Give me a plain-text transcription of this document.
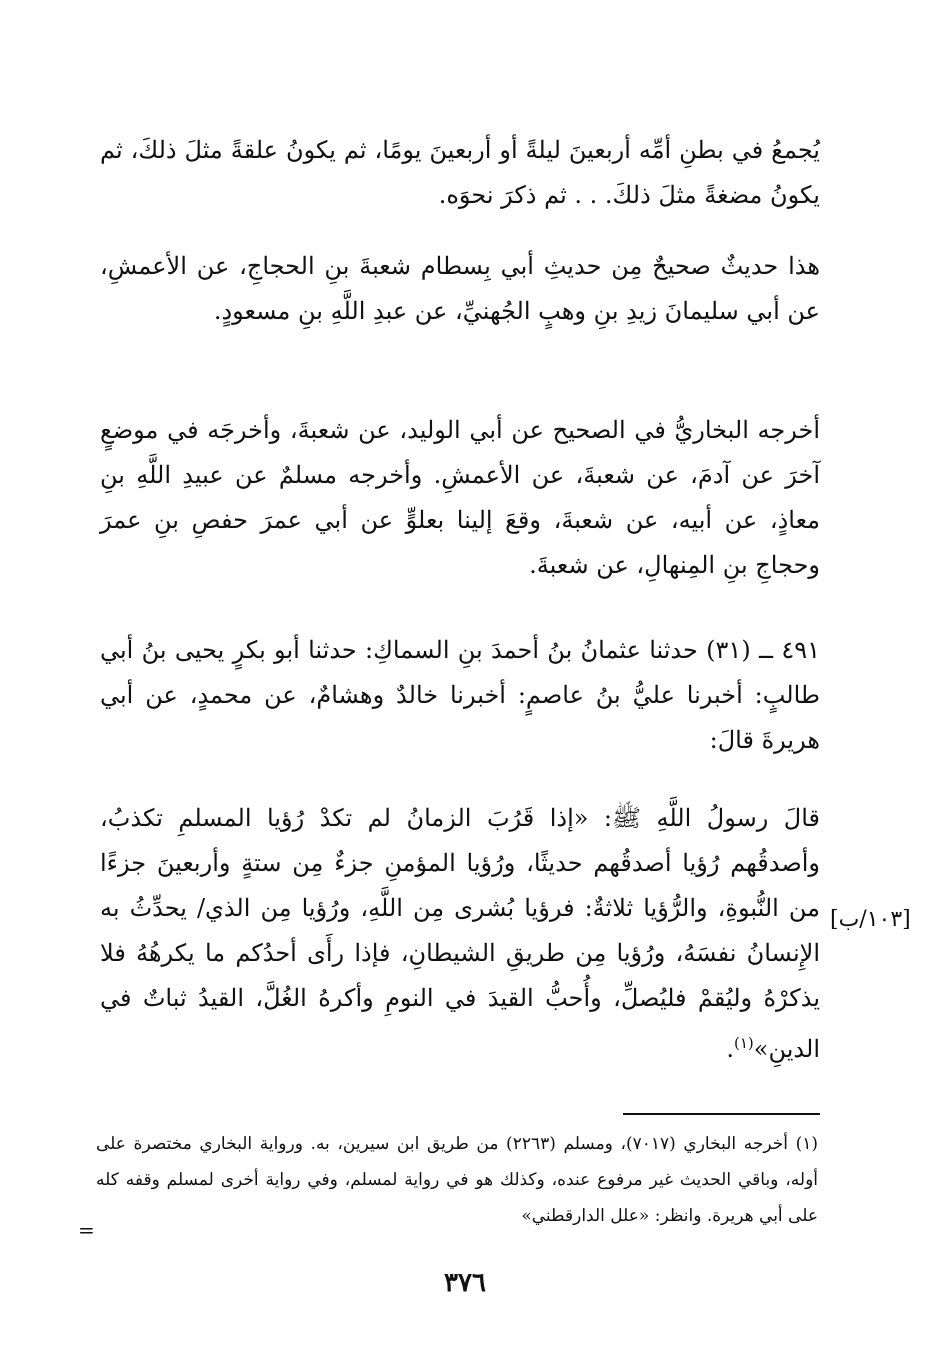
يُجمعُ في بطنِ أمِّه أربعينَ ليلةً أو أربعينَ يومًا، ثم يكونُ علقةً مثلَ ذلكَ، ثم يكونُ مضغةً مثلَ ذلكَ. . . ثم ذكرَ نحوَه.

هذا حديثٌ صحيحٌ مِن حديثِ أبي بِسطام شعبةَ بنِ الحجاجِ، عن الأعمشِ، عن أبي سليمانَ زيدِ بنِ وهبٍ الجُهنيِّ، عن عبدِ اللَّهِ بنِ مسعودٍ.

أخرجه البخاريُّ في الصحيح عن أبي الوليد، عن شعبةَ، وأخرجَه في موضعٍ آخرَ عن آدمَ، عن شعبةَ، عن الأعمشِ. وأخرجه مسلمٌ عن عبيدِ اللَّهِ بنِ معاذٍ، عن أبيه، عن شعبةَ، وقعَ إلينا بعلوٍّ عن أبي عمرَ حفصِ بنِ عمرَ وحجاجِ بنِ المِنهالِ، عن شعبةَ.

٤٩١ ــ (٣١) حدثنا عثمانُ بنُ أحمدَ بنِ السماكِ: حدثنا أبو بكرٍ يحيى بنُ أبي طالبٍ: أخبرنا عليُّ بنُ عاصمٍ: أخبرنا خالدٌ وهشامٌ، عن محمدٍ، عن أبي هريرةَ قالَ:

قالَ رسولُ اللَّهِ ﷺ: «إذا قَرُبَ الزمانُ لم تكدْ رُؤيا المسلمِ تكذبُ، وأصدقُهم رُؤيا أصدقُهم حديثًا، ورُؤيا المؤمنِ جزءٌ مِن ستةٍ وأربعينَ جزءًا من النُّبوةِ، والرُّؤيا ثلاثةٌ: فرؤيا بُشرى مِن اللَّهِ، ورُؤيا مِن الذي/ يحدِّثُ به الإِنسانُ نفسَهُ، ورُؤيا مِن طريقِ الشيطانِ، فإذا رأَى أحدُكم ما يكرهُهُ فلا يذكرْهُ وليُقمْ فليُصلِّ، وأُحبُّ القيدَ في النومِ وأكرهُ الغُلَّ، القيدُ ثباتٌ في الدينِ»$^{(١)}$.

[١٠٣/ب]
(١) أخرجه البخاري (٧٠١٧)، ومسلم (٢٢٦٣) من طريق ابن سيرين، به. ورواية البخاري مختصرة على أوله، وباقي الحديث غير مرفوع عنده، وكذلك هو في رواية لمسلم، وفي رواية أخرى لمسلم وقفه كله على أبي هريرة. وانظر: «علل الدارقطني»
=
٣٧٦
